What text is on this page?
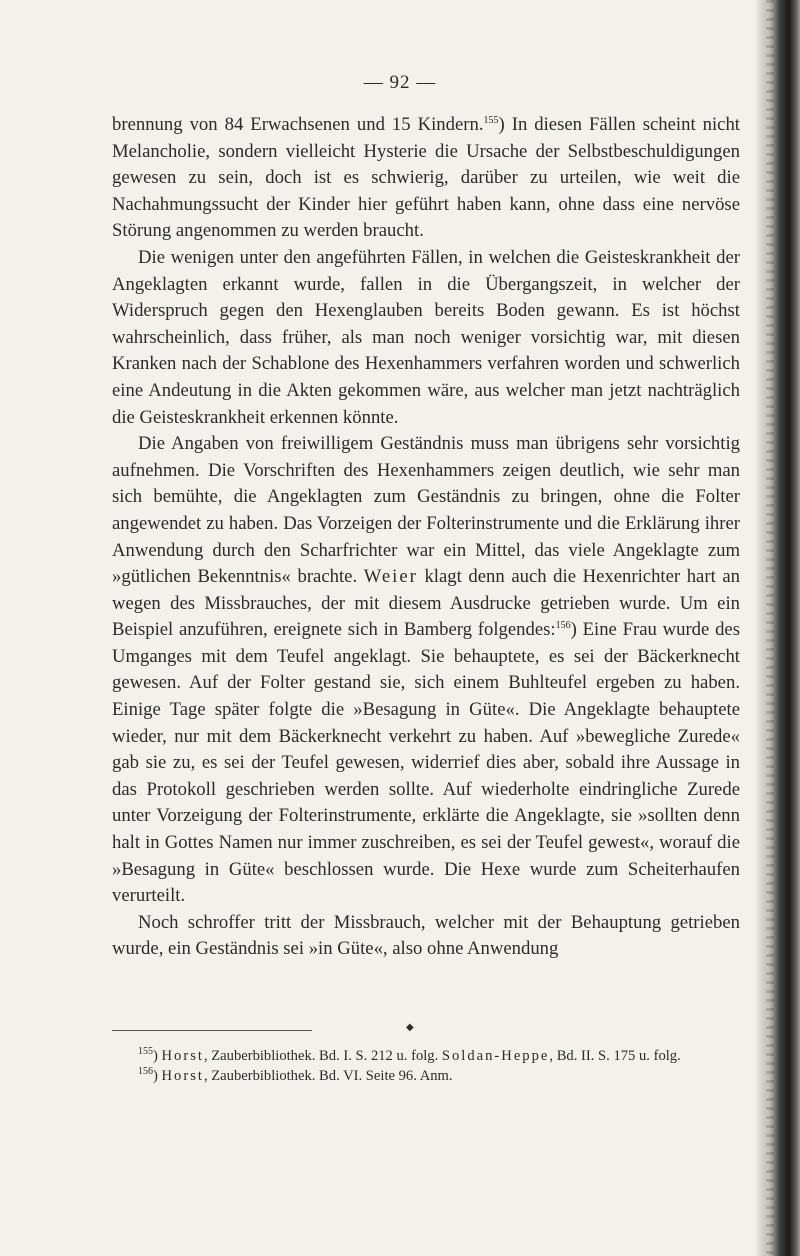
— 92 —

brennung von 84 Erwachsenen und 15 Kindern.$^{155}$) In diesen Fällen scheint nicht Melancholie, sondern vielleicht Hysterie die Ursache der Selbstbeschuldigungen gewesen zu sein, doch ist es schwierig, darüber zu urteilen, wie weit die Nachahmungssucht der Kinder hier geführt haben kann, ohne dass eine nervöse Störung angenommen zu werden braucht.

Die wenigen unter den angeführten Fällen, in welchen die Geisteskrankheit der Angeklagten erkannt wurde, fallen in die Übergangszeit, in welcher der Widerspruch gegen den Hexenglauben bereits Boden gewann. Es ist höchst wahrscheinlich, dass früher, als man noch weniger vorsichtig war, mit diesen Kranken nach der Schablone des Hexenhammers verfahren worden und schwerlich eine Andeutung in die Akten gekommen wäre, aus welcher man jetzt nachträglich die Geisteskrankheit erkennen könnte.

Die Angaben von freiwilligem Geständnis muss man übrigens sehr vorsichtig aufnehmen. Die Vorschriften des Hexenhammers zeigen deutlich, wie sehr man sich bemühte, die Angeklagten zum Geständnis zu bringen, ohne die Folter angewendet zu haben. Das Vorzeigen der Folterinstrumente und die Erklärung ihrer Anwendung durch den Scharfrichter war ein Mittel, das viele Angeklagte zum »gütlichen Bekenntnis« brachte. Weier klagt denn auch die Hexenrichter hart an wegen des Missbrauches, der mit diesem Ausdrucke getrieben wurde. Um ein Beispiel anzuführen, ereignete sich in Bamberg folgendes:$^{156}$) Eine Frau wurde des Umganges mit dem Teufel angeklagt. Sie behauptete, es sei der Bäckerknecht gewesen. Auf der Folter gestand sie, sich einem Buhlteufel ergeben zu haben. Einige Tage später folgte die »Besagung in Güte«. Die Angeklagte behauptete wieder, nur mit dem Bäckerknecht verkehrt zu haben. Auf »bewegliche Zurede« gab sie zu, es sei der Teufel gewesen, widerrief dies aber, sobald ihre Aussage in das Protokoll geschrieben werden sollte. Auf wiederholte eindringliche Zurede unter Vorzeigung der Folterinstrumente, erklärte die Angeklagte, sie »sollten denn halt in Gottes Namen nur immer zuschreiben, es sei der Teufel gewest«, worauf die »Besagung in Güte« beschlossen wurde. Die Hexe wurde zum Scheiterhaufen verurteilt.

Noch schroffer tritt der Missbrauch, welcher mit der Behauptung getrieben wurde, ein Geständnis sei »in Güte«, also ohne Anwendung

◆

$^{155}$) Horst, Zauberbibliothek. Bd. I. S. 212 u. folg. Soldan-Heppe, Bd. II. S. 175 u. folg.

$^{156}$) Horst, Zauberbibliothek. Bd. VI. Seite 96. Anm.
